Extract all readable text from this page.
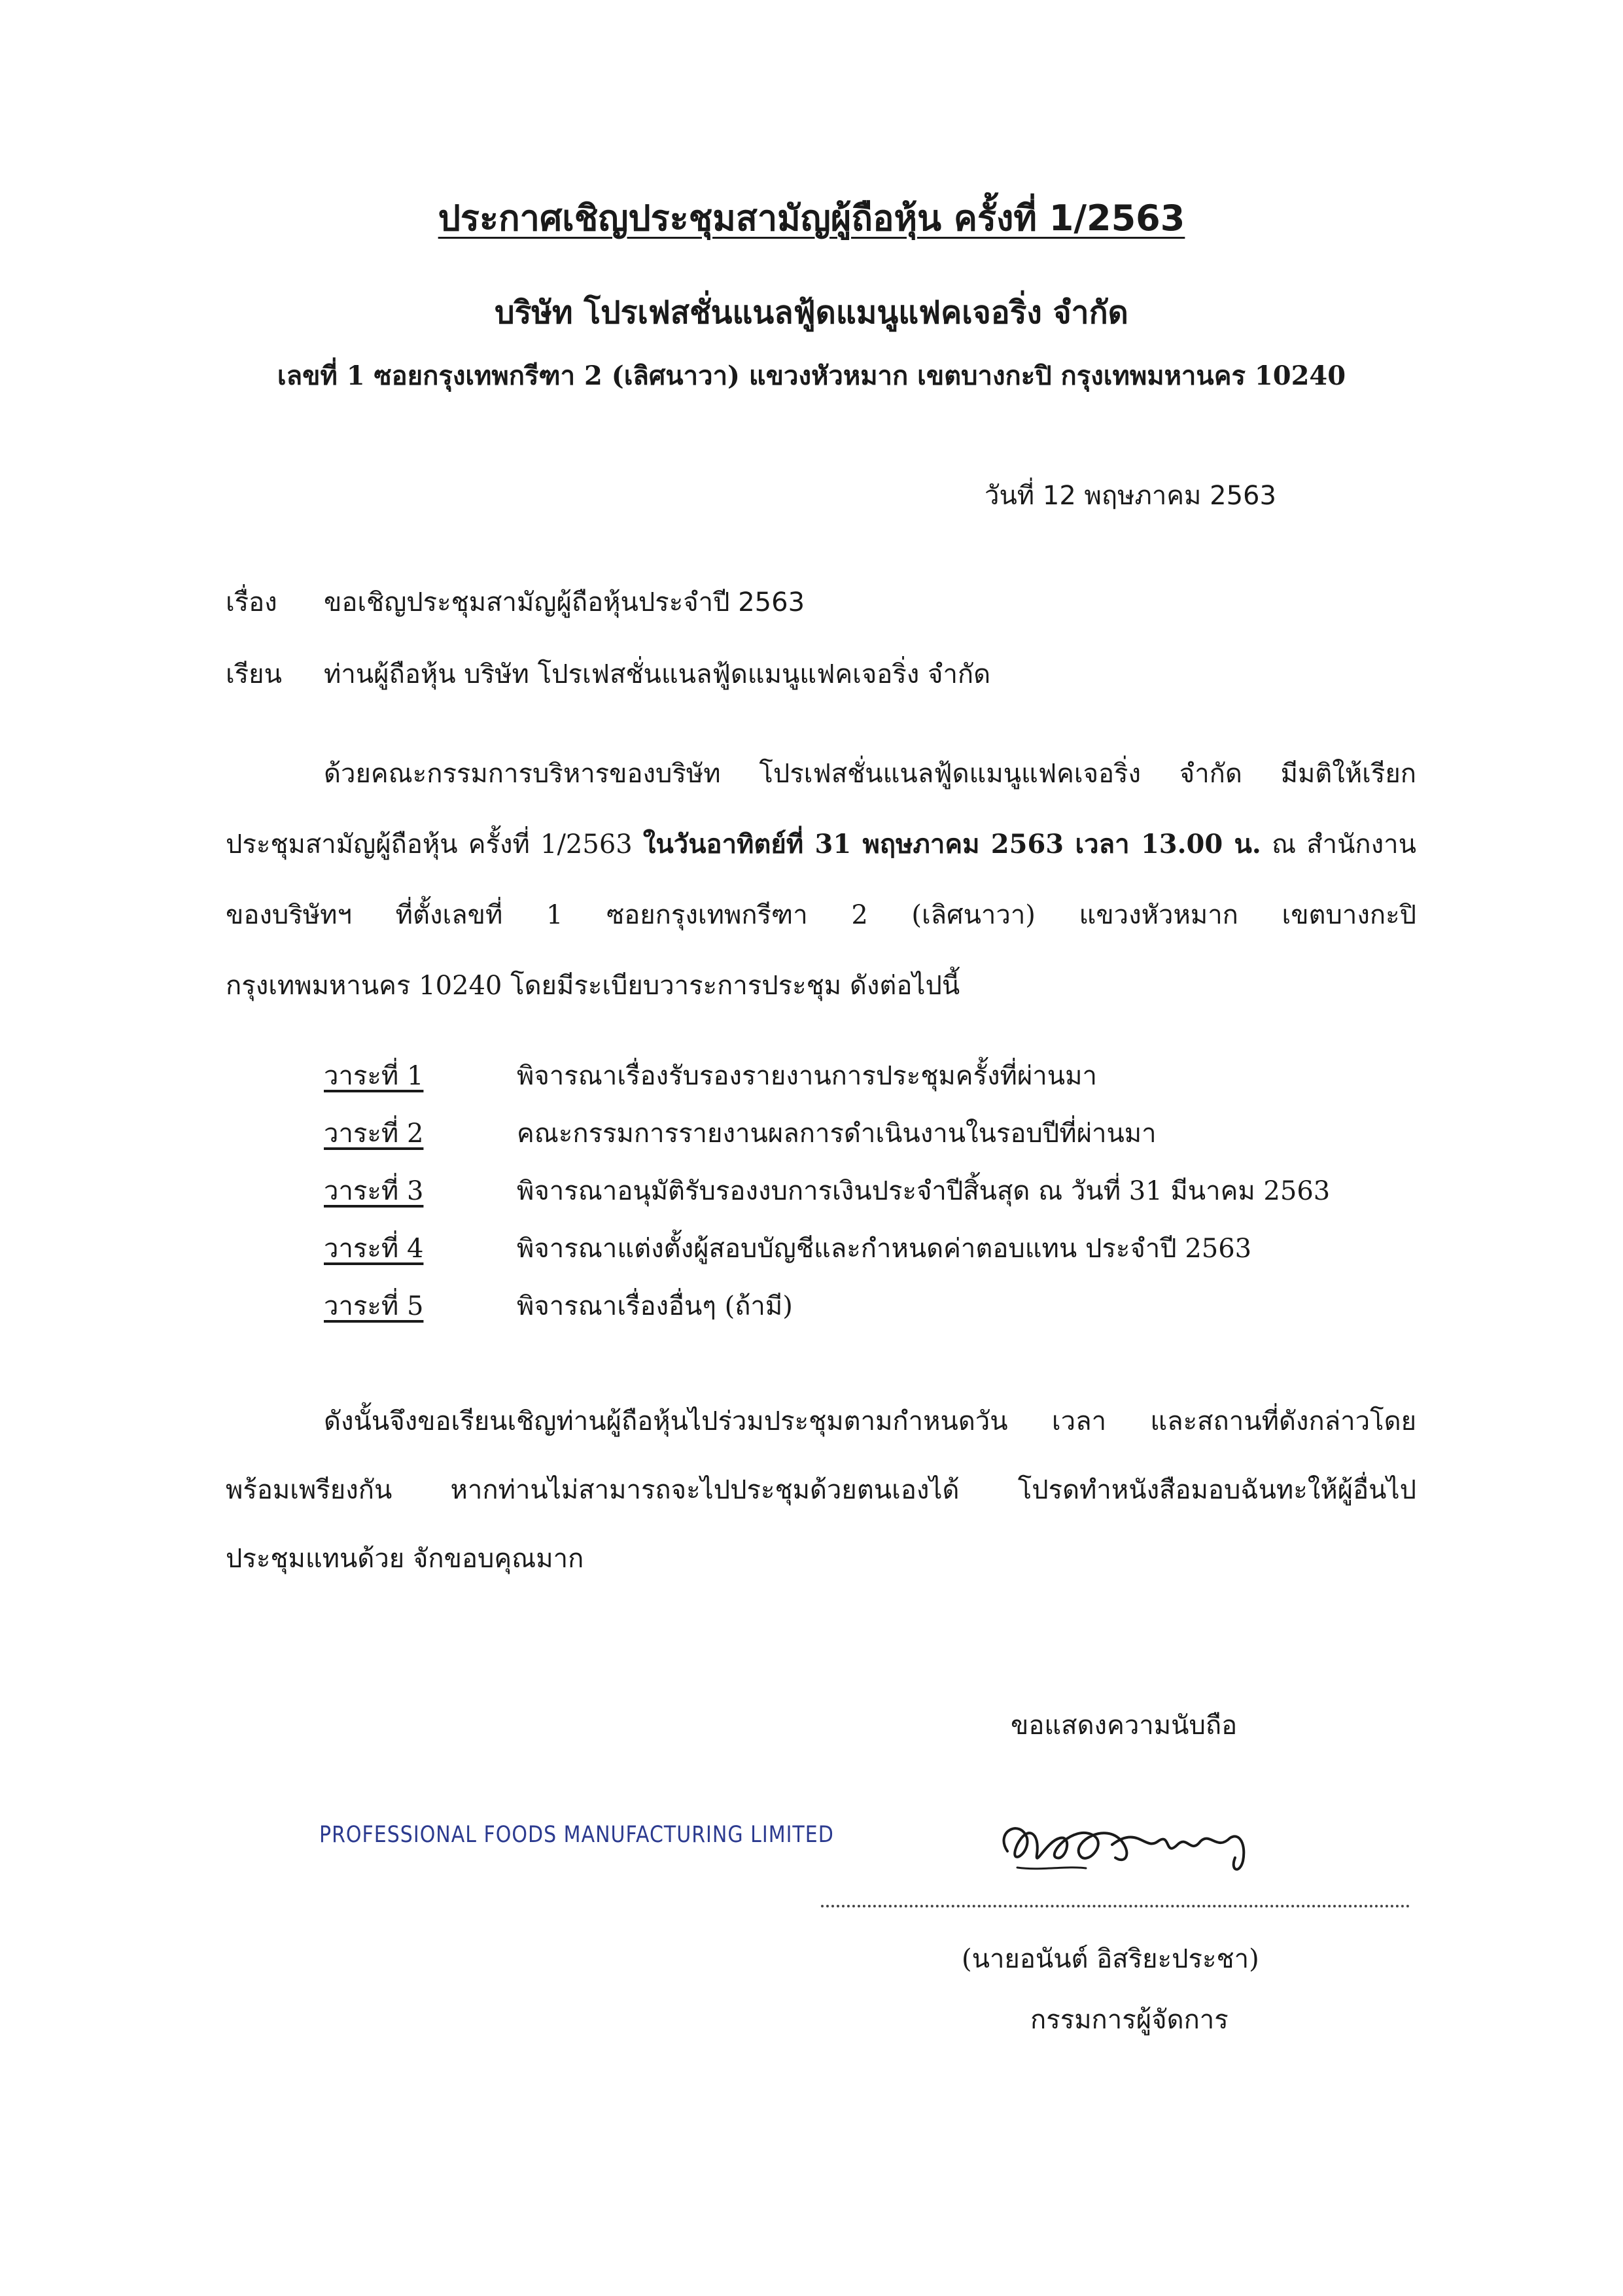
ประกาศเชิญประชุมสามัญผู้ถือหุ้น ครั้งที่ 1/2563
บริษัท โปรเฟสชั่นแนลฟู้ดแมนูแฟคเจอริ่ง จำกัด
เลขที่ 1 ซอยกรุงเทพกรีฑา 2 (เลิศนาวา) แขวงหัวหมาก เขตบางกะปิ กรุงเทพมหานคร 10240
วันที่ 12 พฤษภาคม 2563
เรื่อง ขอเชิญประชุมสามัญผู้ถือหุ้นประจำปี 2563
เรียน ท่านผู้ถือหุ้น บริษัท โปรเฟสชั่นแนลฟู้ดแมนูแฟคเจอริ่ง จำกัด
ด้วยคณะกรรมการบริหารของบริษัท โปรเฟสชั่นแนลฟู้ดแมนูแฟคเจอริ่ง จำกัด มีมติให้เรียก
ประชุมสามัญผู้ถือหุ้น ครั้งที่ 1/2563 ในวันอาทิตย์ที่ 31 พฤษภาคม 2563 เวลา 13.00 น. ณ สำนักงาน
ของบริษัทฯ ที่ตั้งเลขที่ 1 ซอยกรุงเทพกรีฑา 2 (เลิศนาวา) แขวงหัวหมาก เขตบางกะปิ
กรุงเทพมหานคร 10240 โดยมีระเบียบวาระการประชุม ดังต่อไปนี้
วาระที่ 1	พิจารณาเรื่องรับรองรายงานการประชุมครั้งที่ผ่านมา
วาระที่ 2	คณะกรรมการรายงานผลการดำเนินงานในรอบปีที่ผ่านมา
วาระที่ 3	พิจารณาอนุมัติรับรองงบการเงินประจำปีสิ้นสุด ณ วันที่ 31 มีนาคม 2563
วาระที่ 4	พิจารณาแต่งตั้งผู้สอบบัญชีและกำหนดค่าตอบแทน ประจำปี 2563
วาระที่ 5	พิจารณาเรื่องอื่นๆ (ถ้ามี)
ดังนั้นจึงขอเรียนเชิญท่านผู้ถือหุ้นไปร่วมประชุมตามกำหนดวัน เวลา และสถานที่ดังกล่าวโดย
พร้อมเพรียงกัน หากท่านไม่สามารถจะไปประชุมด้วยตนเองได้ โปรดทำหนังสือมอบฉันทะให้ผู้อื่นไป
ประชุมแทนด้วย จักขอบคุณมาก
ขอแสดงความนับถือ
PROFESSIONAL FOODS MANUFACTURING LIMITED
(นายอนันต์ อิสริยะประชา)
กรรมการผู้จัดการ
